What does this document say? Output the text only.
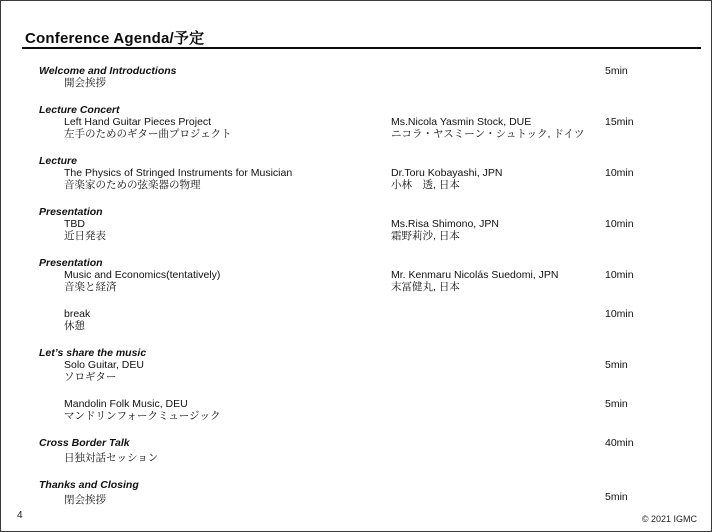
Conference Agenda/予定
Welcome and Introductions
開会挨拶
5min
Lecture Concert
Left Hand Guitar Pieces Project
左手のためのギター曲プロジェクト
Ms.Nicola Yasmin Stock, DUE
ニコラ・ヤスミーン・シュトック, ドイツ
15min
Lecture
The Physics of Stringed Instruments for Musician
音楽家のための弦楽器の物理
Dr.Toru Kobayashi, JPN
小林　透, 日本
10min
Presentation
TBD
近日発表
Ms.Risa Shimono, JPN
霜野莉沙, 日本
10min
Presentation
Music and Economics(tentatively)
音楽と経済
Mr. Kenmaru Nicolás Suedomi, JPN
末冨健丸, 日本
10min
break
休憩
10min
Let’s share the music
Solo Guitar, DEU
ソロギター
5min
Mandolin Folk Music, DEU
マンドリンフォークミュージック
5min
Cross Border Talk
日独対話セッション
40min
Thanks and Closing
閉会挨拶	5min
4	© 2021 IGMC
